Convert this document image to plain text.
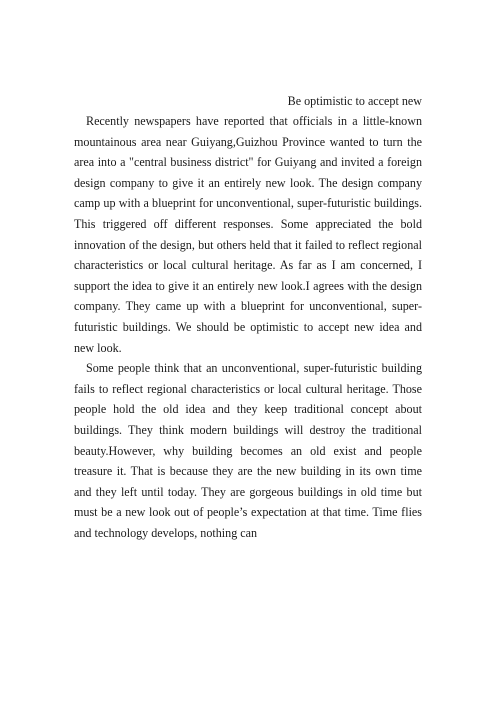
Be optimistic to accept new

Recently newspapers have reported that officials in a little-known mountainous area near Guiyang,Guizhou Province wanted to turn the area into a "central business district" for Guiyang and invited a foreign design company to give it an entirely new look. The design company camp up with a blueprint for unconventional, super-futuristic buildings. This triggered off different responses. Some appreciated the bold innovation of the design, but others held that it failed to reflect regional characteristics or local cultural heritage. As far as I am concerned, I support the idea to give it an entirely new look.I agrees with the design company. They came up with a blueprint for unconventional, super-futuristic buildings. We should be optimistic to accept new idea and new look.

Some people think that an unconventional, super-futuristic building fails to reflect regional characteristics or local cultural heritage. Those people hold the old idea and they keep traditional concept about buildings. They think modern buildings will destroy the traditional beauty.However, why building becomes an old exist and people treasure it. That is because they are the new building in its own time and they left until today. They are gorgeous buildings in old time but must be a new look out of people’s expectation at that time. Time flies and technology develops, nothing can
